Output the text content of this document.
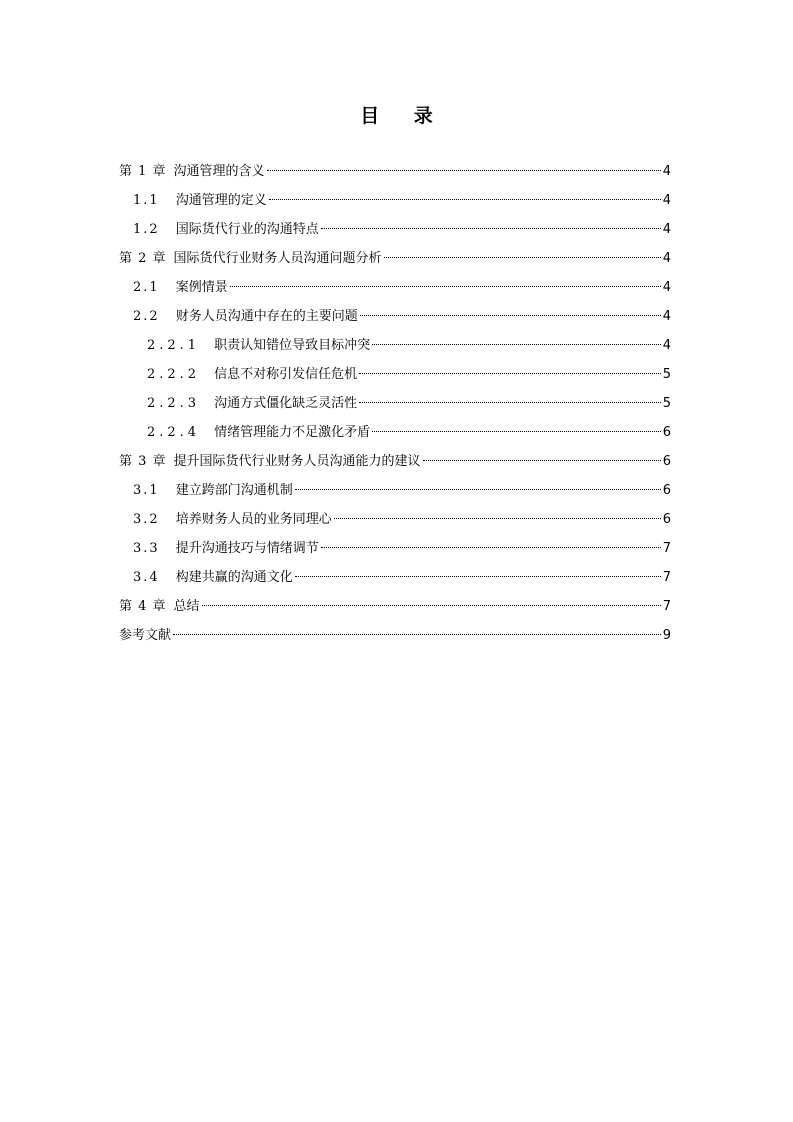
目 录
第 1 章 沟通管理的含义	4
1.1 沟通管理的定义	4
1.2 国际货代行业的沟通特点	4
第 2 章 国际货代行业财务人员沟通问题分析	4
2.1 案例情景	4
2.2 财务人员沟通中存在的主要问题	4
2.2.1 职责认知错位导致目标冲突	4
2.2.2 信息不对称引发信任危机	5
2.2.3 沟通方式僵化缺乏灵活性	5
2.2.4 情绪管理能力不足激化矛盾	6
第 3 章 提升国际货代行业财务人员沟通能力的建议	6
3.1 建立跨部门沟通机制	6
3.2 培养财务人员的业务同理心	6
3.3 提升沟通技巧与情绪调节	7
3.4 构建共赢的沟通文化	7
第 4 章 总结	7
参考文献	9
